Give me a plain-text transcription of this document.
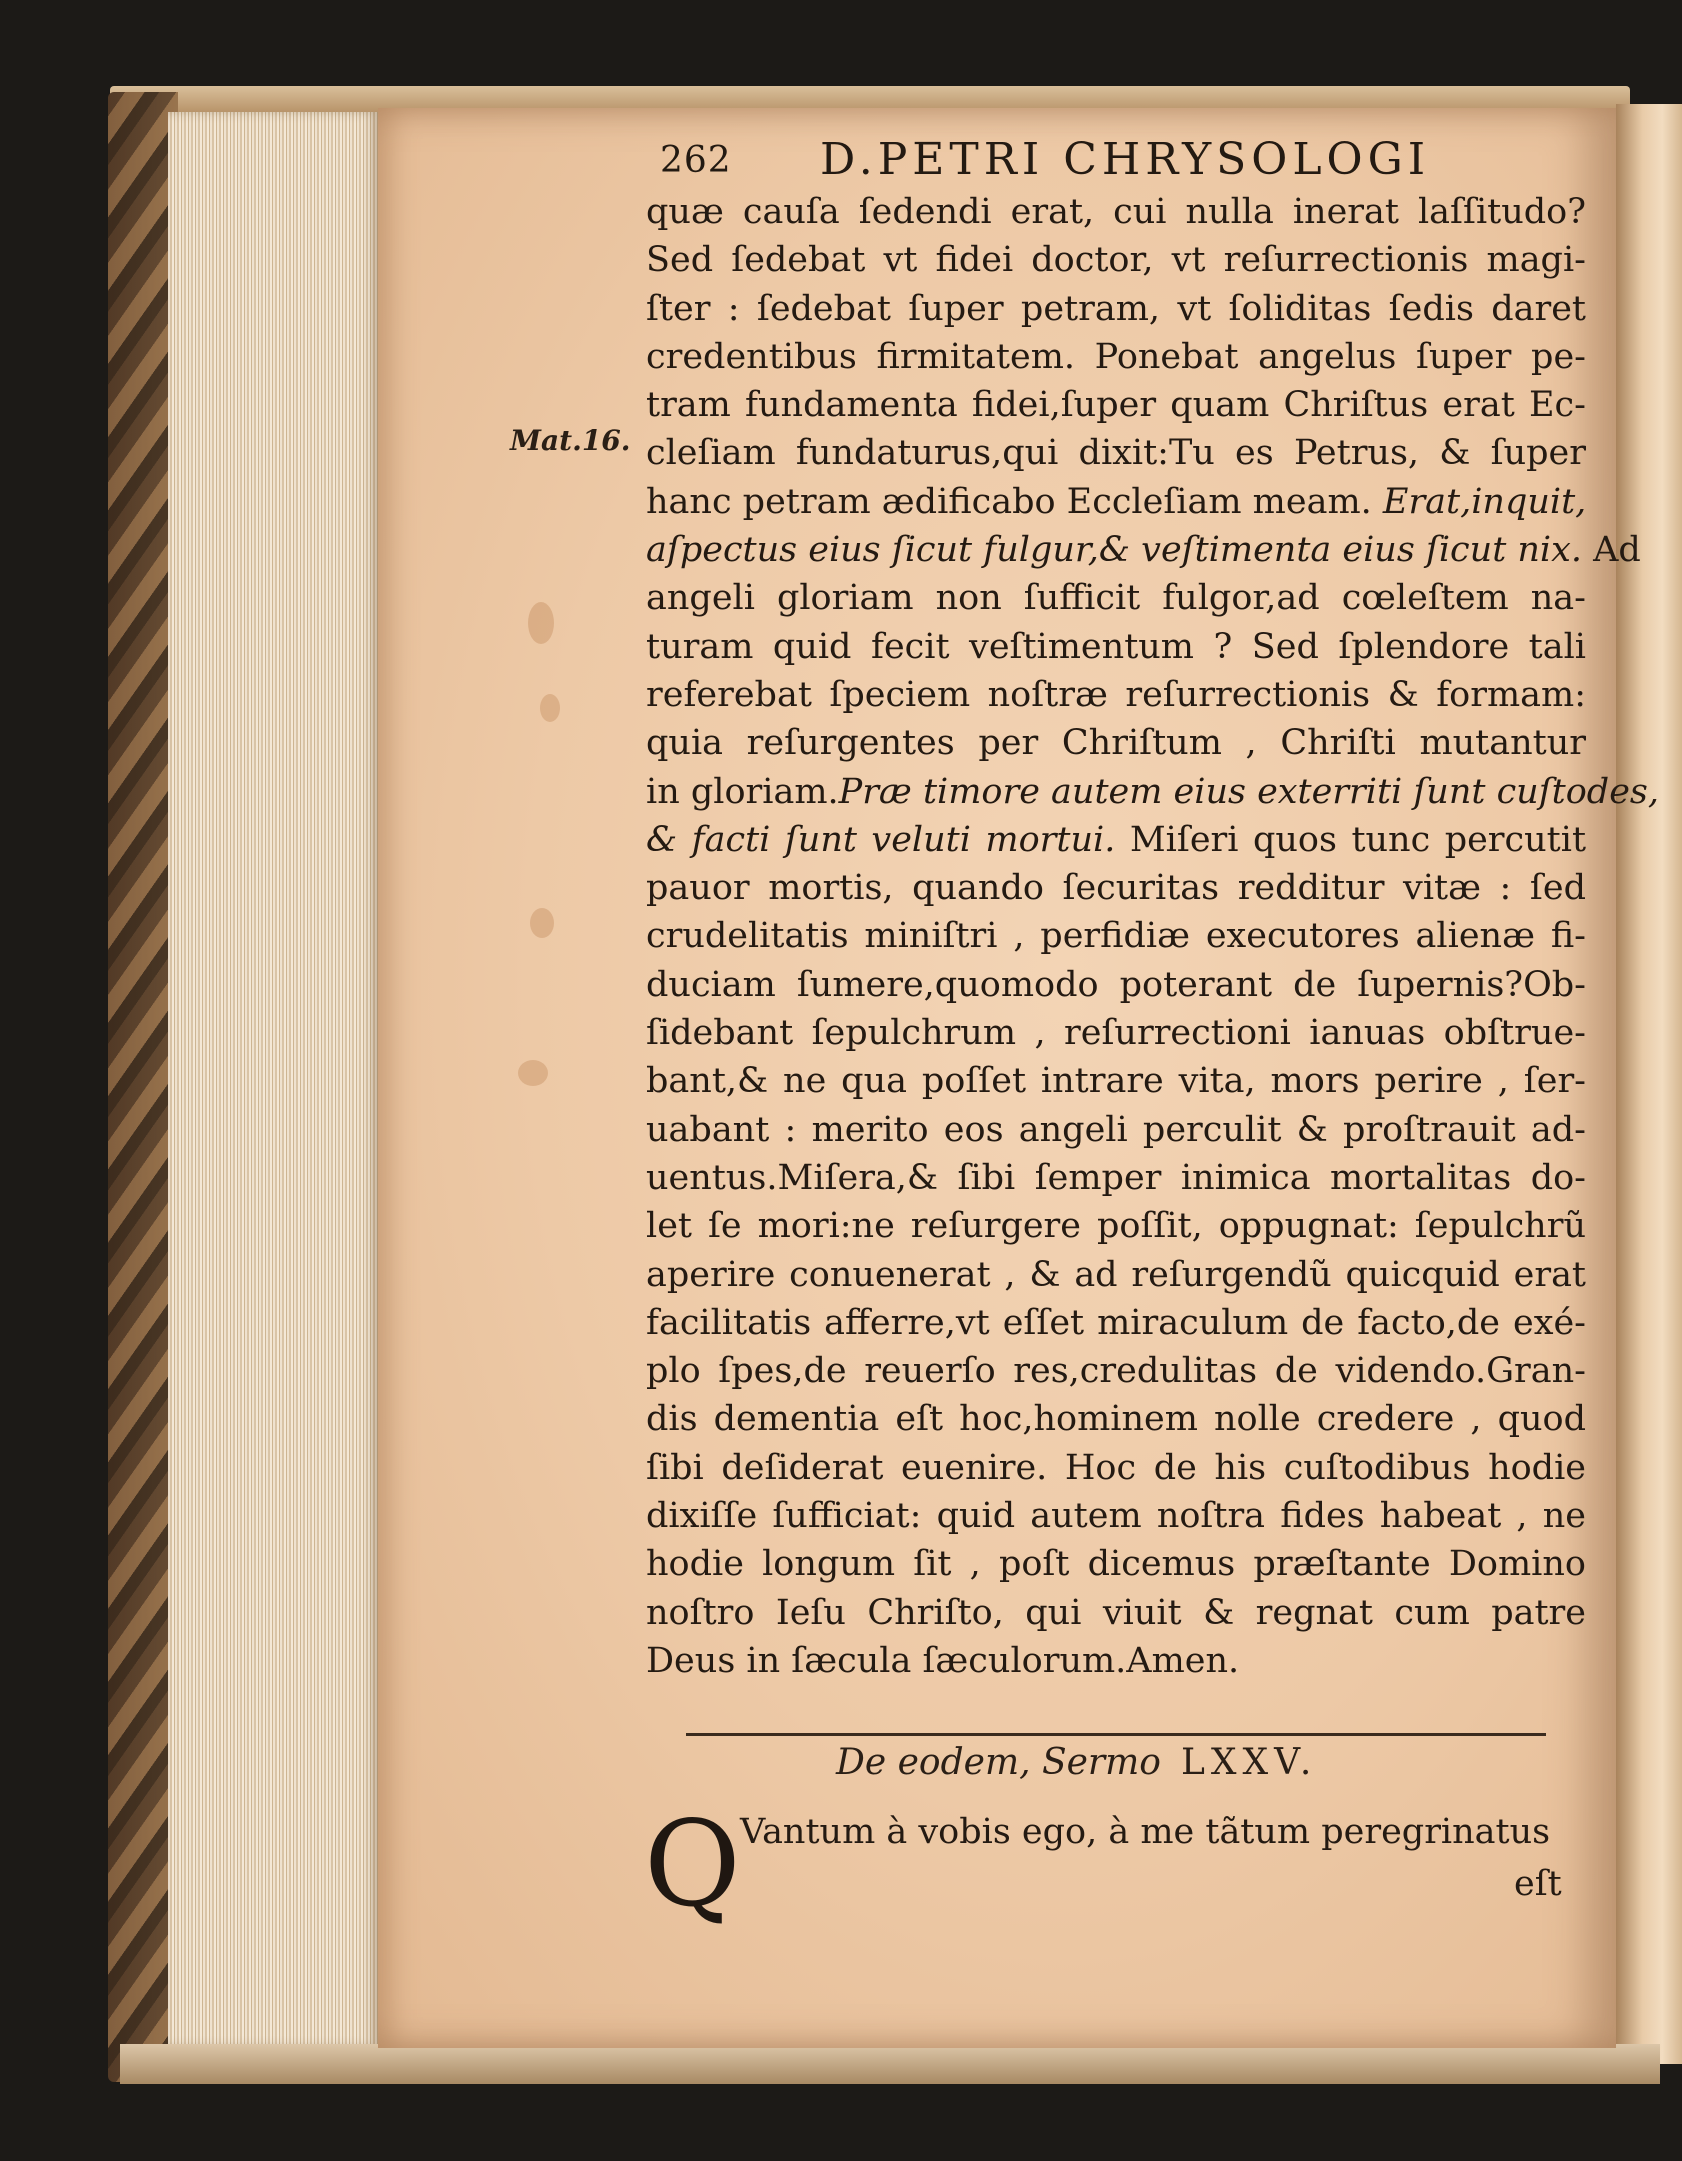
262 D.PETRI CHRYSOLOGI
Mat.16.
quæ cauſa ſedendi erat, cui nulla inerat laſſitudo?
Sed ſedebat vt fidei doctor, vt reſurrectionis magi-
ſter : ſedebat ſuper petram, vt ſoliditas ſedis daret
credentibus firmitatem. Ponebat angelus ſuper pe-
tram fundamenta fidei,ſuper quam Chriſtus erat Ec-
cleſiam fundaturus,qui dixit:Tu es Petrus, & ſuper
hanc petram ædificabo Eccleſiam meam. Erat,inquit,
aſpectus eius ſicut fulgur,& veſtimenta eius ſicut nix. Ad
angeli gloriam non ſufficit fulgor,ad cœleſtem na-
turam quid fecit veſtimentum ? Sed ſplendore tali
referebat ſpeciem noſtræ reſurrectionis & formam:
quia reſurgentes per Chriſtum , Chriſti mutantur
in gloriam.Præ timore autem eius exterriti ſunt cuſtodes,
& facti ſunt veluti mortui. Miſeri quos tunc percutit
pauor mortis, quando ſecuritas redditur vitæ : ſed
crudelitatis miniſtri , perfidiæ executores alienæ fi-
duciam ſumere,quomodo poterant de ſupernis?Ob-
ſidebant ſepulchrum , reſurrectioni ianuas obſtrue-
bant,& ne qua poſſet intrare vita, mors perire , ſer-
uabant : merito eos angeli perculit & proſtrauit ad-
uentus.Miſera,& ſibi ſemper inimica mortalitas do-
let ſe mori:ne reſurgere poſſit, oppugnat: ſepulchrũ
aperire conuenerat , & ad reſurgendũ quicquid erat
facilitatis afferre,vt eſſet miraculum de facto,de exé-
plo ſpes,de reuerſo res,credulitas de videndo.Gran-
dis dementia eſt hoc,hominem nolle credere , quod
ſibi deſiderat euenire. Hoc de his cuſtodibus hodie
dixiſſe ſufficiat: quid autem noſtra fides habeat , ne
hodie longum ſit , poſt dicemus præſtante Domino
noſtro Ieſu Chriſto, qui viuit & regnat cum patre
Deus in ſæcula ſæculorum.Amen.
De eodem, Sermo LXXV.
Q Vantum à vobis ego, à me tãtum peregrinatus
eſt
